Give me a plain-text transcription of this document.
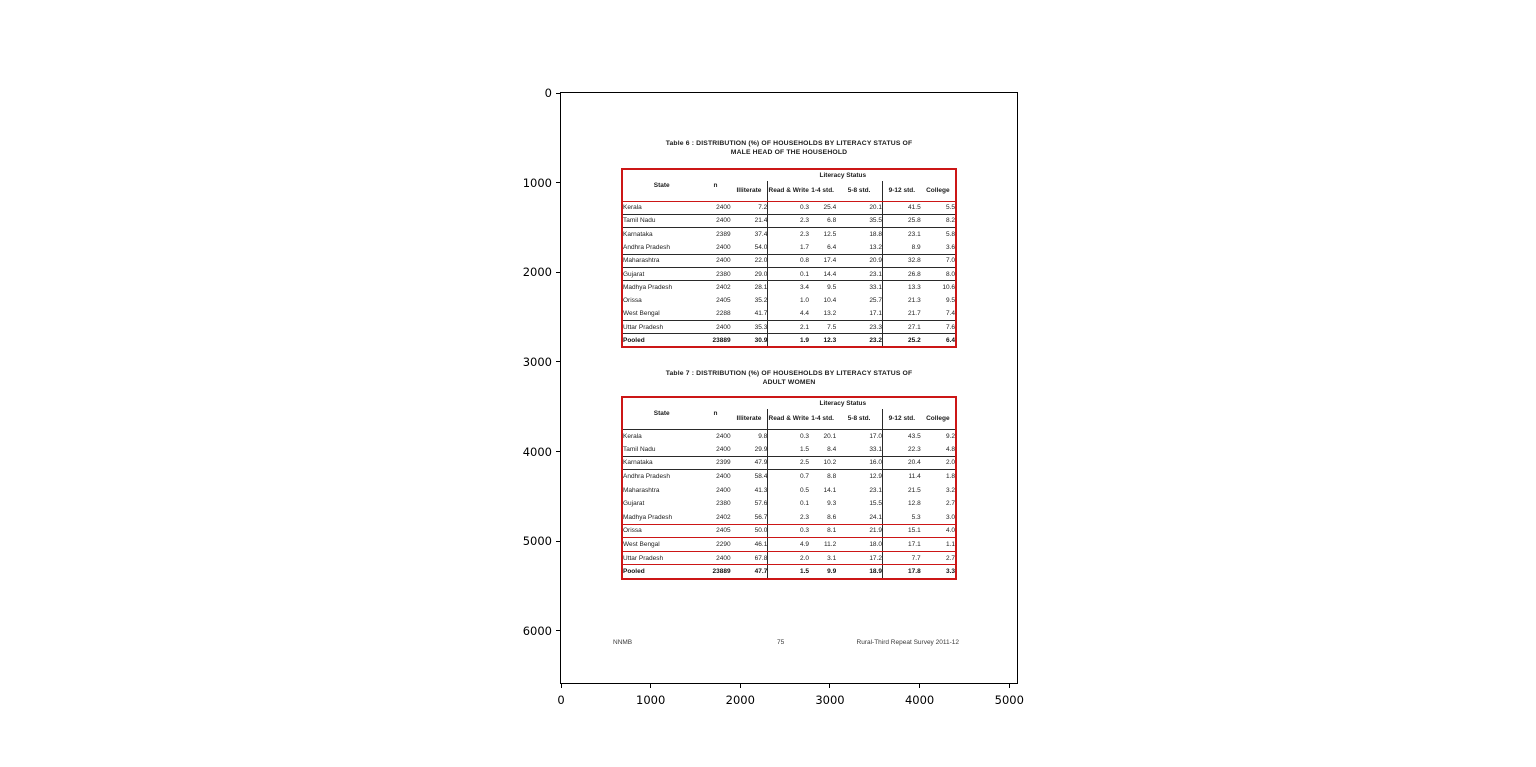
Table 6 : DISTRIBUTION (%) OF HOUSEHOLDS BY LITERACY STATUS OF
MALE HEAD OF THE HOUSEHOLD
State	n	Literacy Status					
		Illiterate	Read & Write	1-4 std.	5-8 std.	9-12 std.	College
Kerala	2400	7.2	0.3	25.4	20.1	41.5	5.5
Tamil Nadu	2400	21.4	2.3	6.8	35.5	25.8	8.2
Karnataka	2389	37.4	2.3	12.5	18.8	23.1	5.8
Andhra Pradesh	2400	54.0	1.7	6.4	13.2	8.9	3.6
Maharashtra	2400	22.0	0.8	17.4	20.9	32.8	7.0
Gujarat	2380	29.0	0.1	14.4	23.1	26.8	8.0
Madhya Pradesh	2402	28.1	3.4	9.5	33.1	13.3	10.6
Orissa	2405	35.2	1.0	10.4	25.7	21.3	9.5
West Bengal	2288	41.7	4.4	13.2	17.1	21.7	7.4
Uttar Pradesh	2400	35.3	2.1	7.5	23.3	27.1	7.6
Pooled	23889	30.9	1.9	12.3	23.2	25.2	6.4
Table 7 : DISTRIBUTION (%) OF HOUSEHOLDS BY LITERACY STATUS OF
ADULT WOMEN
State	n	Literacy Status					
		Illiterate	Read & Write	1-4 std.	5-8 std.	9-12 std.	College
Kerala	2400	9.8	0.3	20.1	17.0	43.5	9.2
Tamil Nadu	2400	29.9	1.5	8.4	33.1	22.3	4.8
Karnataka	2399	47.9	2.5	10.2	16.0	20.4	2.0
Andhra Pradesh	2400	58.4	0.7	8.8	12.9	11.4	1.8
Maharashtra	2400	41.3	0.5	14.1	23.1	21.5	3.2
Gujarat	2380	57.6	0.1	9.3	15.5	12.8	2.7
Madhya Pradesh	2402	56.7	2.3	8.6	24.1	5.3	3.0
Orissa	2405	50.0	0.3	8.1	21.9	15.1	4.0
West Bengal	2290	46.1	4.9	11.2	18.0	17.1	1.1
Uttar Pradesh	2400	67.8	2.0	3.1	17.2	7.7	2.7
Pooled	23889	47.7	1.5	9.9	18.9	17.8	3.3
NNMB	75	Rural-Third Repeat Survey 2011-12
0
1000
2000
3000
4000
5000
6000
0	1000	2000	3000	4000	5000
